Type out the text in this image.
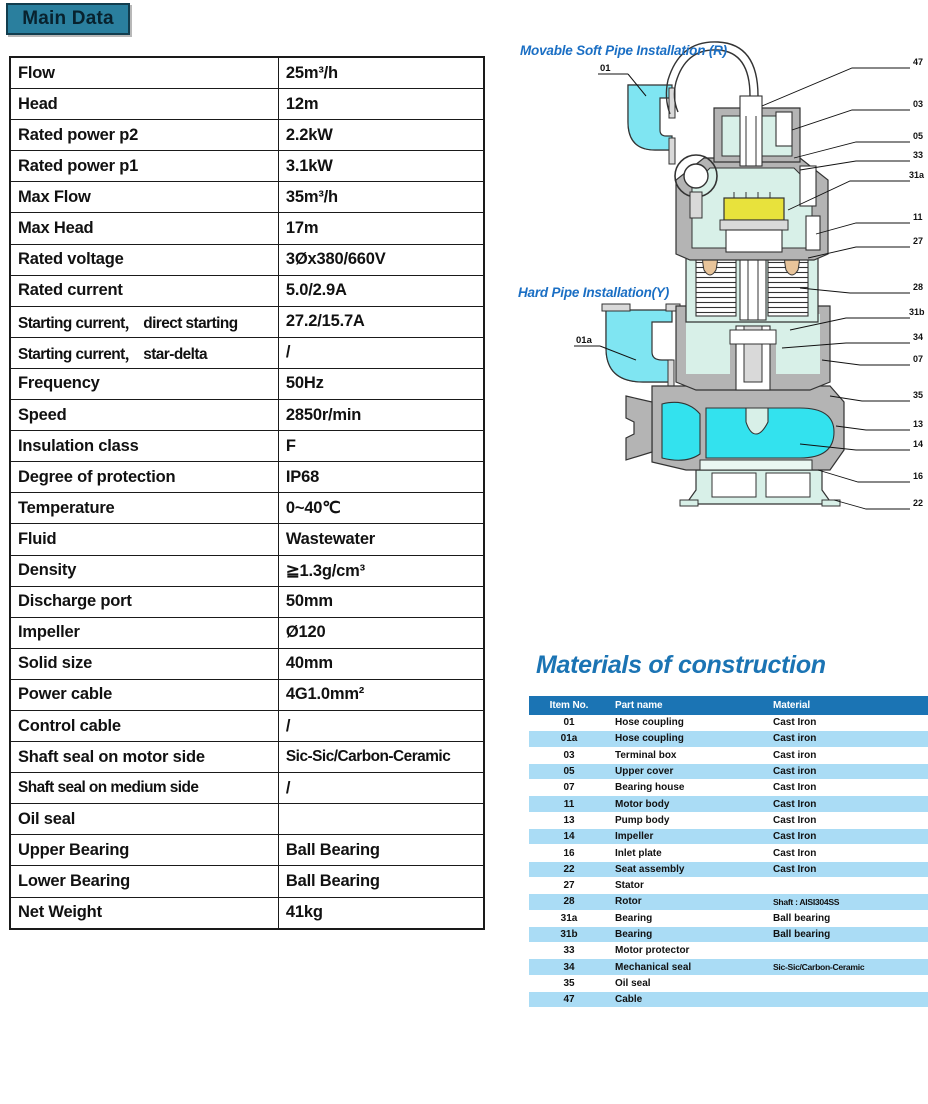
Main Data
Flow	25m³/h
Head	12m
Rated power p2	2.2kW
Rated power p1	3.1kW
Max Flow	35m³/h
Max Head	17m
Rated voltage	3Øx380/660V
Rated current	5.0/2.9A
Starting current， direct starting	27.2/15.7A
Starting current， star-delta	/
Frequency	50Hz
Speed	2850r/min
Insulation class	F
Degree of protection	IP68
Temperature	0~40℃
Fluid	Wastewater
Density	≧1.3g/cm³
Discharge port	50mm
Impeller	Ø120
Solid size	40mm
Power cable	4G1.0mm²
Control cable	/
Shaft seal on motor side	Sic-Sic/Carbon-Ceramic
Shaft seal on medium side	/
Oil seal	
Upper Bearing	Ball Bearing
Lower Bearing	Ball Bearing
Net Weight	41kg
Movable Soft Pipe Installation (R)
Hard Pipe Installation(Y)
01
01a
47
03
05
33
31a
11
27
28
31b
34
07
35
13
14
16
22
Materials of construction
Item No.	Part name	Material
01	Hose coupling	Cast Iron
01a	Hose coupling	Cast iron
03	Terminal box	Cast iron
05	Upper cover	Cast iron
07	Bearing house	Cast Iron
11	Motor body	Cast Iron
13	Pump body	Cast Iron
14	Impeller	Cast Iron
16	Inlet plate	Cast Iron
22	Seat assembly	Cast Iron
27	Stator	
28	Rotor	Shaft : AISI304SS
31a	Bearing	Ball bearing
31b	Bearing	Ball bearing
33	Motor protector	
34	Mechanical seal	Sic-Sic/Carbon-Ceramic
35	Oil seal	
47	Cable	
